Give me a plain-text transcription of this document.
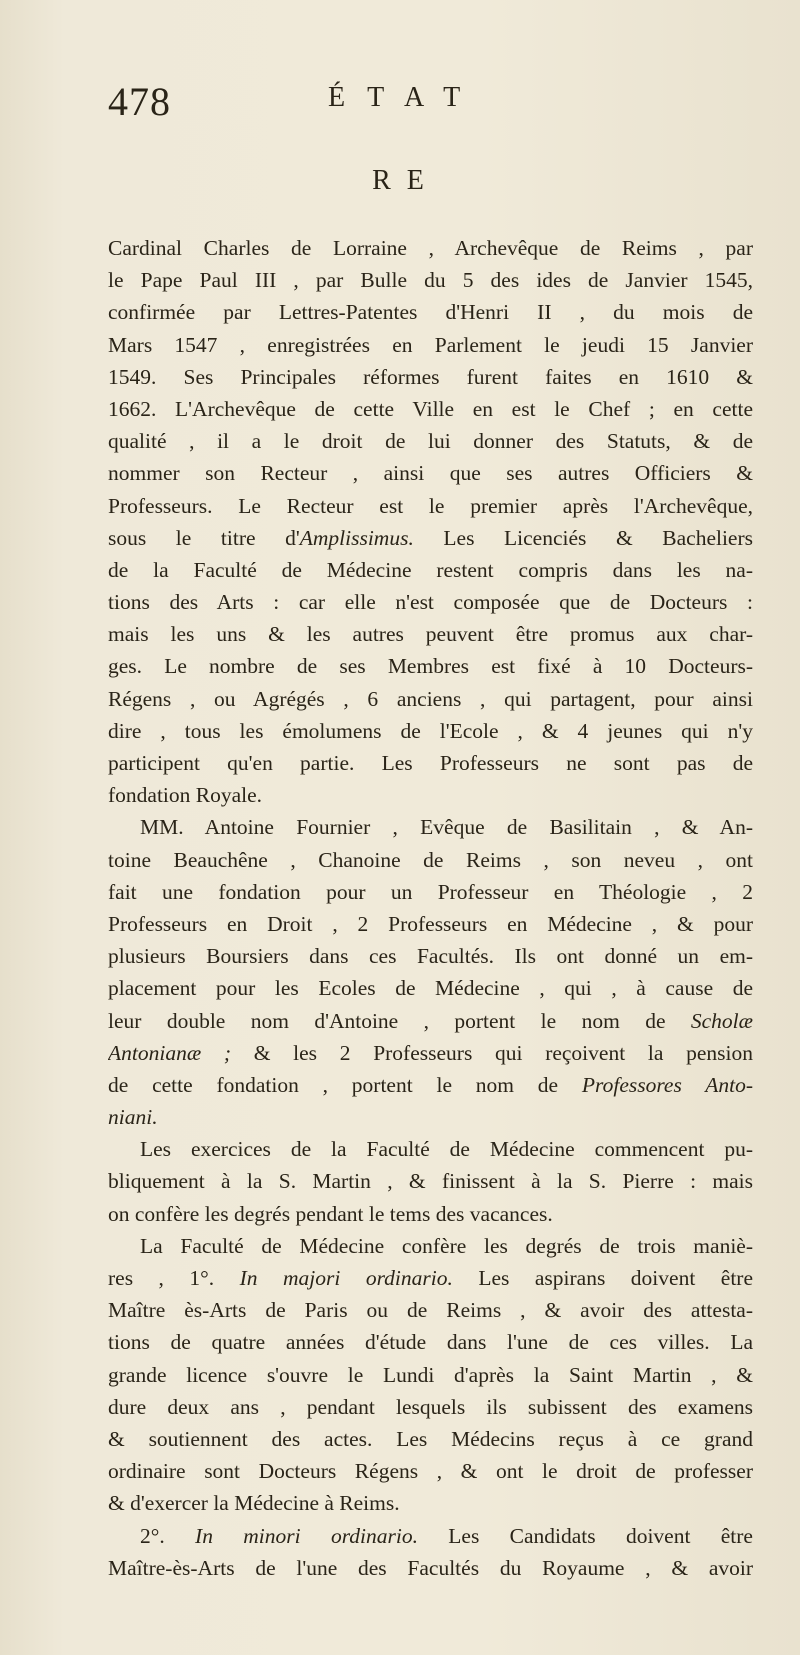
478	ÉTAT
RE
Cardinal Charles de Lorraine , Archevêque de Reims , par
le Pape Paul III , par Bulle du 5 des ides de Janvier 1545,
confirmée par Lettres-Patentes d'Henri II , du mois de
Mars 1547 , enregistrées en Parlement le jeudi 15 Janvier
1549. Ses Principales réformes furent faites en 1610 &
1662. L'Archevêque de cette Ville en est le Chef ; en cette
qualité , il a le droit de lui donner des Statuts, & de
nommer son Recteur , ainsi que ses autres Officiers &
Professeurs. Le Recteur est le premier après l'Archevêque,
sous le titre d'Amplissimus. Les Licenciés & Bacheliers
de la Faculté de Médecine restent compris dans les na-
tions des Arts : car elle n'est composée que de Docteurs :
mais les uns & les autres peuvent être promus aux char-
ges. Le nombre de ses Membres est fixé à 10 Docteurs-
Régens , ou Agrégés , 6 anciens , qui partagent, pour ainsi
dire , tous les émolumens de l'Ecole , & 4 jeunes qui n'y
participent qu'en partie. Les Professeurs ne sont pas de
fondation Royale.
MM. Antoine Fournier , Evêque de Basilitain , & An-
toine Beauchêne , Chanoine de Reims , son neveu , ont
fait une fondation pour un Professeur en Théologie , 2
Professeurs en Droit , 2 Professeurs en Médecine , & pour
plusieurs Boursiers dans ces Facultés. Ils ont donné un em-
placement pour les Ecoles de Médecine , qui , à cause de
leur double nom d'Antoine , portent le nom de Scholæ
Antonianæ ; & les 2 Professeurs qui reçoivent la pension
de cette fondation , portent le nom de Professores Anto-
niani.
Les exercices de la Faculté de Médecine commencent pu-
bliquement à la S. Martin , & finissent à la S. Pierre : mais
on confère les degrés pendant le tems des vacances.
La Faculté de Médecine confère les degrés de trois maniè-
res , 1°. In majori ordinario. Les aspirans doivent être
Maître ès-Arts de Paris ou de Reims , & avoir des attesta-
tions de quatre années d'étude dans l'une de ces villes. La
grande licence s'ouvre le Lundi d'après la Saint Martin , &
dure deux ans , pendant lesquels ils subissent des examens
& soutiennent des actes. Les Médecins reçus à ce grand
ordinaire sont Docteurs Régens , & ont le droit de professer
& d'exercer la Médecine à Reims.
2°. In minori ordinario. Les Candidats doivent être
Maître-ès-Arts de l'une des Facultés du Royaume , & avoir
